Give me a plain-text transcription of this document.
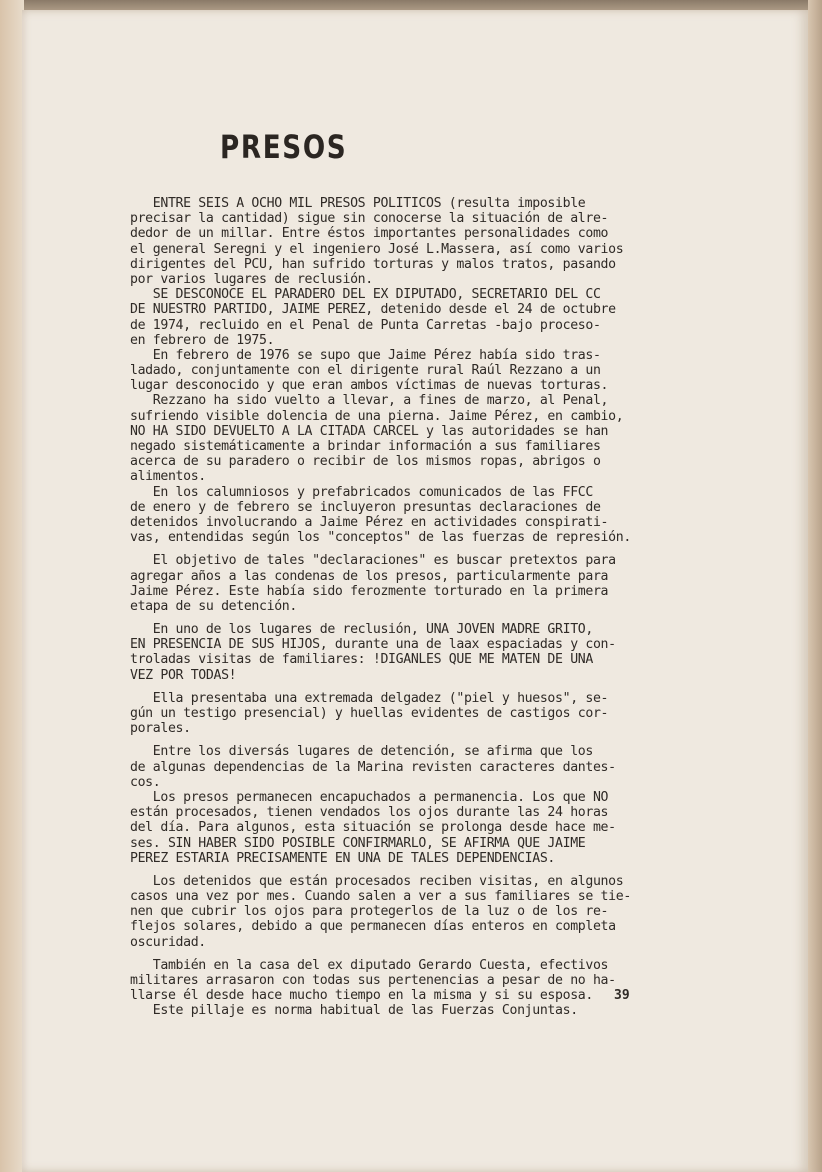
PRESOS
ENTRE SEIS A OCHO MIL PRESOS POLITICOS (resulta imposible
precisar la cantidad) sigue sin conocerse la situación de alre-
dedor de un millar. Entre éstos importantes personalidades como
el general Seregni y el ingeniero José L.Massera, así como varios
dirigentes del PCU, han sufrido torturas y malos tratos, pasando
por varios lugares de reclusión.
SE DESCONOCE EL PARADERO DEL EX DIPUTADO, SECRETARIO DEL CC
DE NUESTRO PARTIDO, JAIME PEREZ, detenido desde el 24 de octubre
de 1974, recluido en el Penal de Punta Carretas -bajo proceso-
en febrero de 1975.
En febrero de 1976 se supo que Jaime Pérez había sido tras-
ladado, conjuntamente con el dirigente rural Raúl Rezzano a un
lugar desconocido y que eran ambos víctimas de nuevas torturas.
Rezzano ha sido vuelto a llevar, a fines de marzo, al Penal,
sufriendo visible dolencia de una pierna. Jaime Pérez, en cambio,
NO HA SIDO DEVUELTO A LA CITADA CARCEL y las autoridades se han
negado sistemáticamente a brindar información a sus familiares
acerca de su paradero o recibir de los mismos ropas, abrigos o
alimentos.
En los calumniosos y prefabricados comunicados de las FFCC
de enero y de febrero se incluyeron presuntas declaraciones de
detenidos involucrando a Jaime Pérez en actividades conspirati-
vas, entendidas según los "conceptos" de las fuerzas de represión.
El objetivo de tales "declaraciones" es buscar pretextos para
agregar años a las condenas de los presos, particularmente para
Jaime Pérez. Este había sido ferozmente torturado en la primera
etapa de su detención.
En uno de los lugares de reclusión, UNA JOVEN MADRE GRITO,
EN PRESENCIA DE SUS HIJOS, durante una de laax espaciadas y con-
troladas visitas de familiares: !DIGANLES QUE ME MATEN DE UNA
VEZ POR TODAS!
Ella presentaba una extremada delgadez ("piel y huesos", se-
gún un testigo presencial) y huellas evidentes de castigos cor-
porales.
Entre los diversás lugares de detención, se afirma que los
de algunas dependencias de la Marina revisten caracteres dantes-
cos.
Los presos permanecen encapuchados a permanencia. Los que NO
están procesados, tienen vendados los ojos durante las 24 horas
del día. Para algunos, esta situación se prolonga desde hace me-
ses. SIN HABER SIDO POSIBLE CONFIRMARLO, SE AFIRMA QUE JAIME
PEREZ ESTARIA PRECISAMENTE EN UNA DE TALES DEPENDENCIAS.
Los detenidos que están procesados reciben visitas, en algunos
casos una vez por mes. Cuando salen a ver a sus familiares se tie-
nen que cubrir los ojos para protegerlos de la luz o de los re-
flejos solares, debido a que permanecen días enteros en completa
oscuridad.
También en la casa del ex diputado Gerardo Cuesta, efectivos
militares arrasaron con todas sus pertenencias a pesar de no ha-
llarse él desde hace mucho tiempo en la misma y si su esposa.
Este pillaje es norma habitual de las Fuerzas Conjuntas.
39
